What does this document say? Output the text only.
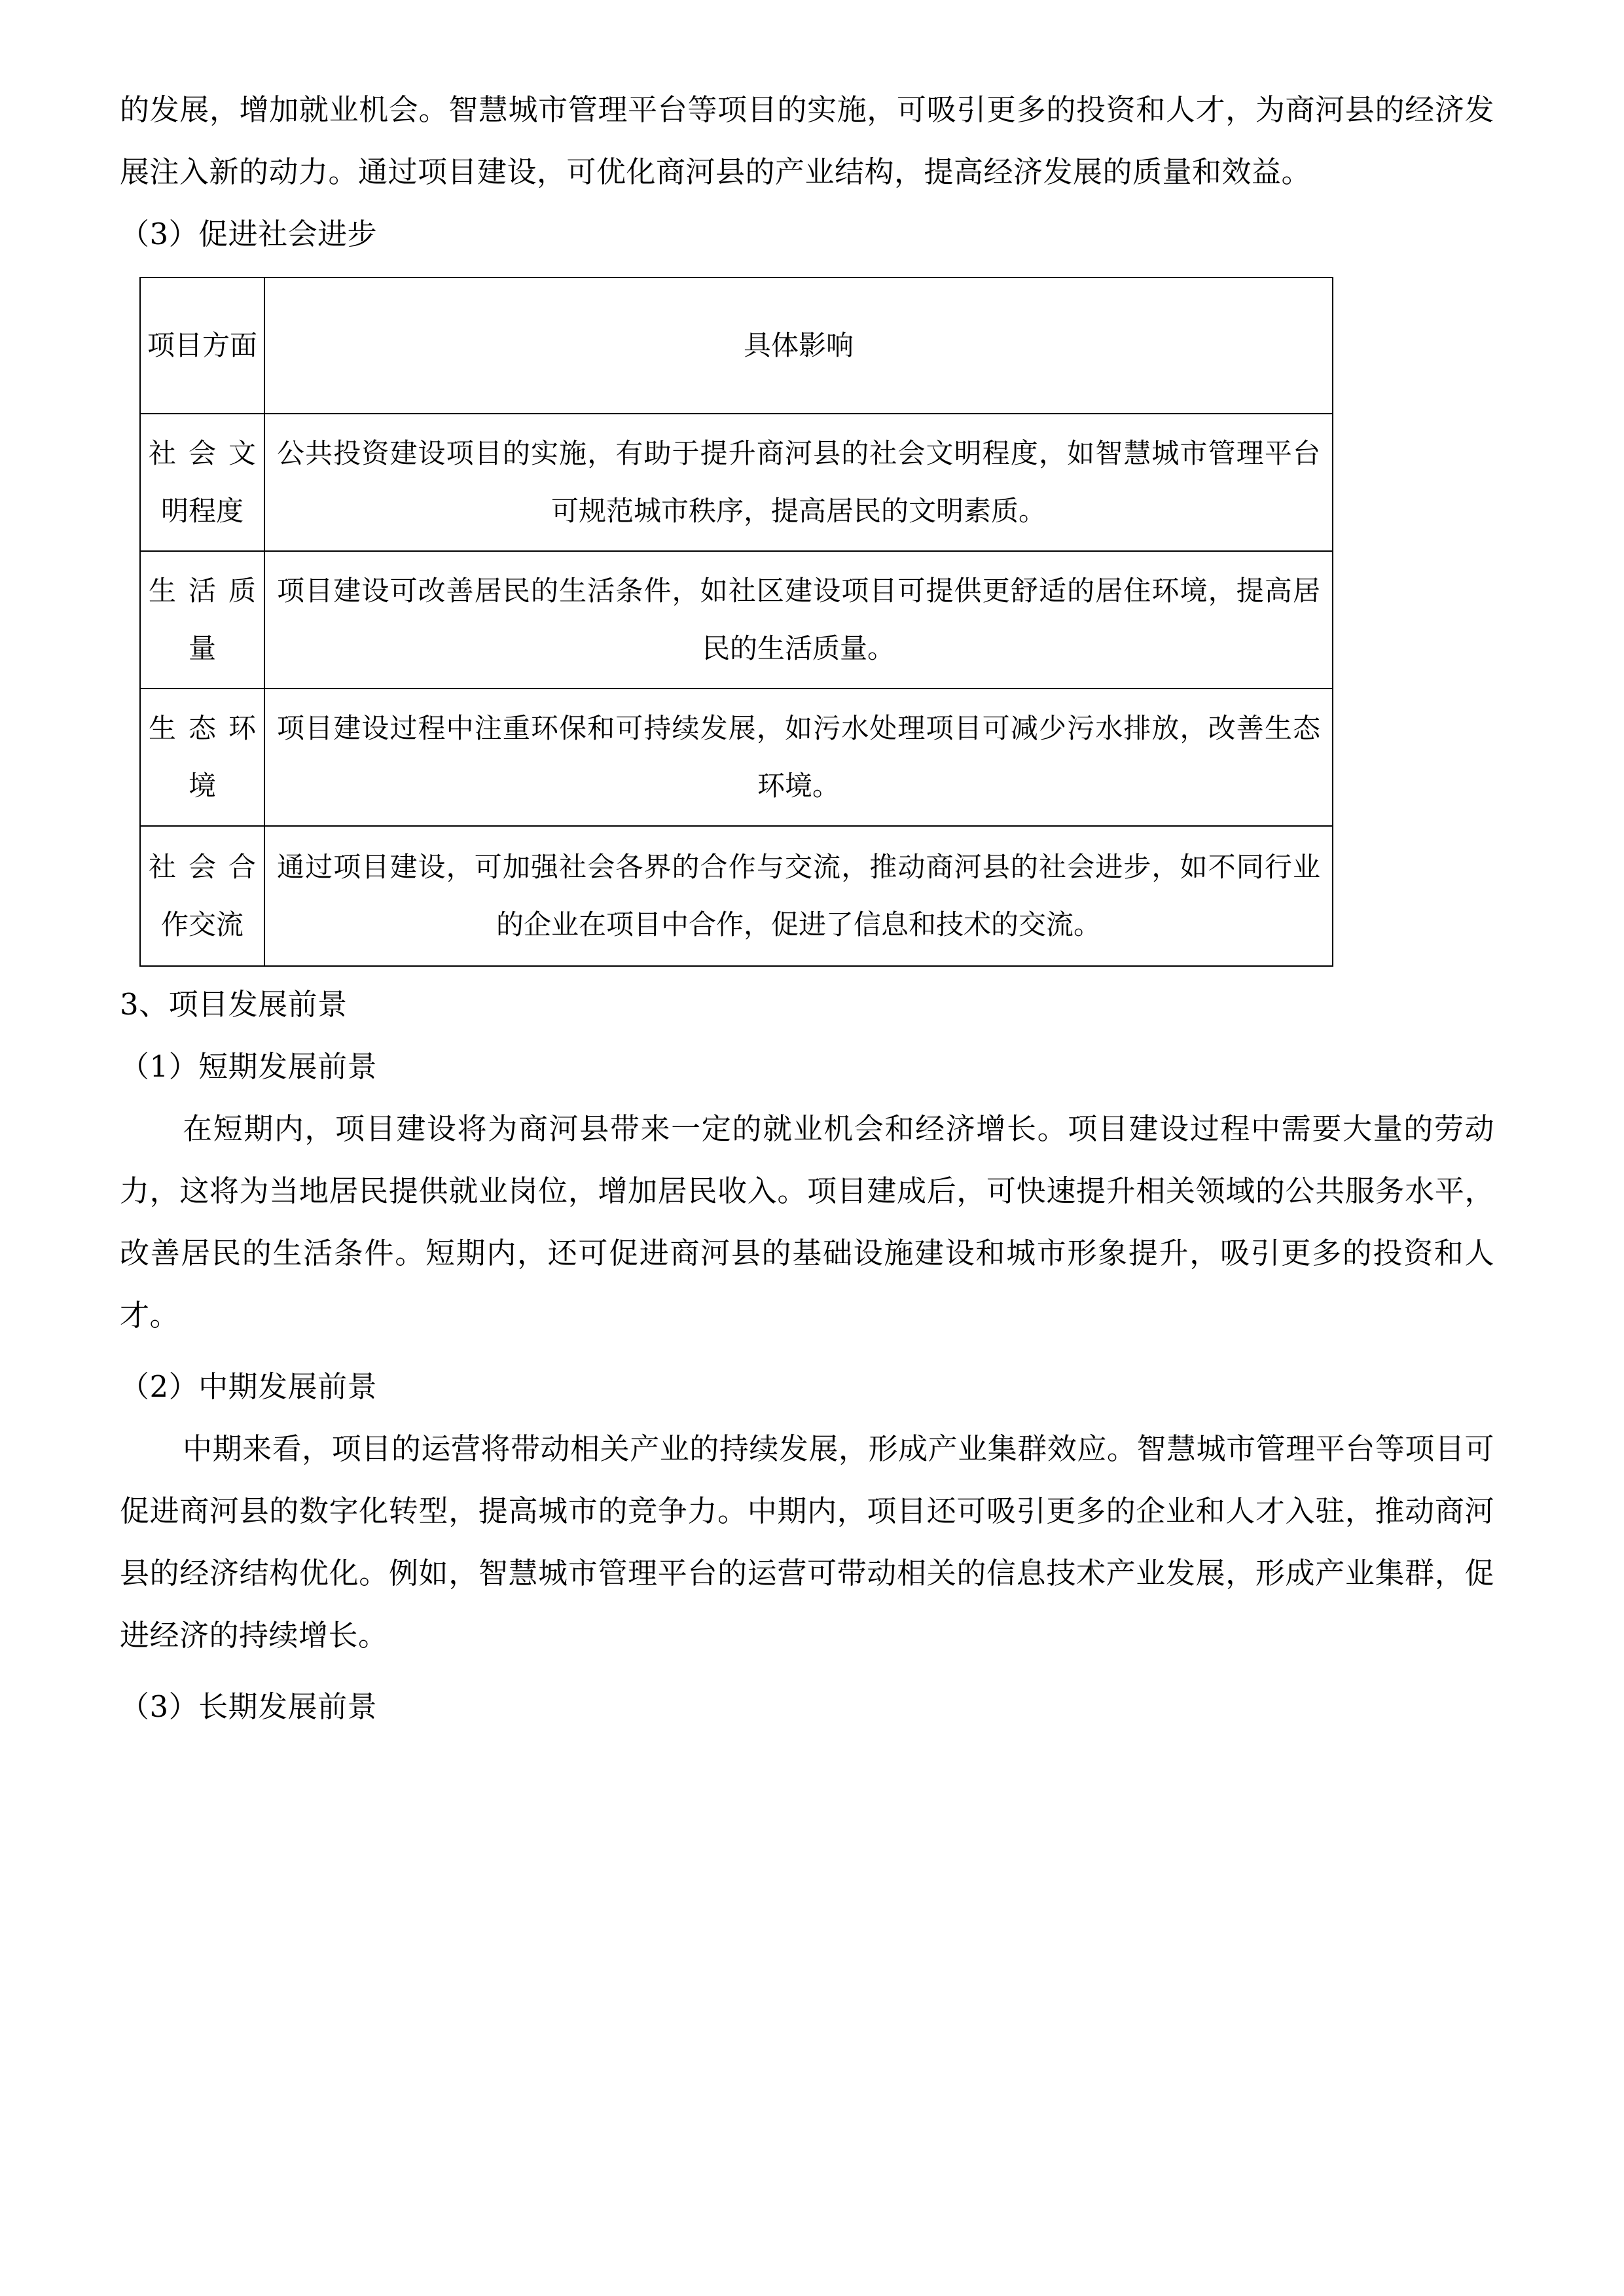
的发展，增加就业机会。智慧城市管理平台等项目的实施，可吸引更多的投资和人才，为商河县的经济发展注入新的动力。通过项目建设，可优化商河县的产业结构，提高经济发展的质量和效益。

（3）促进社会进步

项目方面	具体影响
社会文明程度	公共投资建设项目的实施，有助于提升商河县的社会文明程度，如智慧城市管理平台可规范城市秩序，提高居民的文明素质。
生活质量	项目建设可改善居民的生活条件，如社区建设项目可提供更舒适的居住环境，提高居民的生活质量。
生态环境	项目建设过程中注重环保和可持续发展，如污水处理项目可减少污水排放，改善生态环境。
社会合作交流	通过项目建设，可加强社会各界的合作与交流，推动商河县的社会进步，如不同行业的企业在项目中合作，促进了信息和技术的交流。

3、项目发展前景

（1）短期发展前景

在短期内，项目建设将为商河县带来一定的就业机会和经济增长。项目建设过程中需要大量的劳动力，这将为当地居民提供就业岗位，增加居民收入。项目建成后，可快速提升相关领域的公共服务水平，改善居民的生活条件。短期内，还可促进商河县的基础设施建设和城市形象提升，吸引更多的投资和人才。

（2）中期发展前景

中期来看，项目的运营将带动相关产业的持续发展，形成产业集群效应。智慧城市管理平台等项目可促进商河县的数字化转型，提高城市的竞争力。中期内，项目还可吸引更多的企业和人才入驻，推动商河县的经济结构优化。例如，智慧城市管理平台的运营可带动相关的信息技术产业发展，形成产业集群，促进经济的持续增长。

（3）长期发展前景
